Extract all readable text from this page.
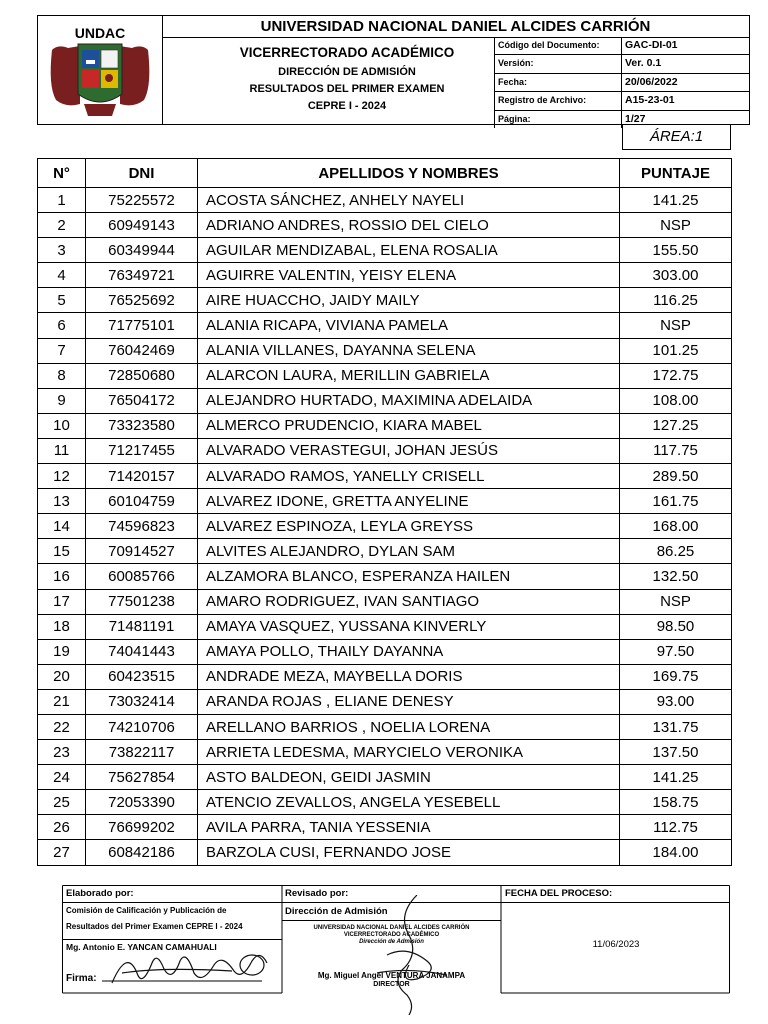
UNDAC	UNIVERSIDAD NACIONAL DANIEL ALCIDES CARRIÓN
VICERRECTORADO ACADÉMICO
DIRECCIÓN DE ADMISIÓN
RESULTADOS DEL PRIMER EXAMEN
CEPRE I - 2024
Código del Documento:	GAC-DI-01
Versión:	Ver. 0.1
Fecha:	20/06/2022
Registro de Archivo:	A15-23-01
Página:	1/27
ÁREA:1
N°	DNI	APELLIDOS Y NOMBRES	PUNTAJE
1	75225572	ACOSTA SÁNCHEZ, ANHELY NAYELI	141.25
2	60949143	ADRIANO ANDRES, ROSSIO DEL CIELO	NSP
3	60349944	AGUILAR MENDIZABAL, ELENA ROSALIA	155.50
4	76349721	AGUIRRE VALENTIN, YEISY ELENA	303.00
5	76525692	AIRE HUACCHO, JAIDY MAILY	116.25
6	71775101	ALANIA RICAPA, VIVIANA PAMELA	NSP
7	76042469	ALANIA VILLANES, DAYANNA SELENA	101.25
8	72850680	ALARCON LAURA, MERILLIN GABRIELA	172.75
9	76504172	ALEJANDRO HURTADO, MAXIMINA ADELAIDA	108.00
10	73323580	ALMERCO PRUDENCIO, KIARA MABEL	127.25
11	71217455	ALVARADO VERASTEGUI, JOHAN JESÚS	117.75
12	71420157	ALVARADO RAMOS, YANELLY CRISELL	289.50
13	60104759	ALVAREZ IDONE, GRETTA ANYELINE	161.75
14	74596823	ALVAREZ ESPINOZA, LEYLA GREYSS	168.00
15	70914527	ALVITES ALEJANDRO, DYLAN SAM	86.25
16	60085766	ALZAMORA BLANCO, ESPERANZA HAILEN	132.50
17	77501238	AMARO RODRIGUEZ, IVAN SANTIAGO	NSP
18	71481191	AMAYA VASQUEZ, YUSSANA KINVERLY	98.50
19	74041443	AMAYA POLLO, THAILY DAYANNA	97.50
20	60423515	ANDRADE MEZA, MAYBELLA DORIS	169.75
21	73032414	ARANDA ROJAS , ELIANE DENESY	93.00
22	74210706	ARELLANO BARRIOS , NOELIA LORENA	131.75
23	73822117	ARRIETA LEDESMA, MARYCIELO VERONIKA	137.50
24	75627854	ASTO BALDEON, GEIDI JASMIN	141.25
25	72053390	ATENCIO ZEVALLOS, ANGELA YESEBELL	158.75
26	76699202	AVILA PARRA, TANIA YESSENIA	112.75
27	60842186	BARZOLA CUSI, FERNANDO JOSE	184.00
Elaborado por:
Comisión de Calificación y Publicación de
Resultados del Primer Examen CEPRE I - 2024
Mg. Antonio E. YANCAN CAMAHUALI
Firma:
Revisado por:
Dirección de Admisión
UNIVERSIDAD NACIONAL DANIEL ALCIDES CARRIÓN
VICERRECTORADO ACADÉMICO
Dirección de Admisión
Mg. Miguel Angel VENTURA JANAMPA
DIRECTOR
FECHA DEL PROCESO:
11/06/2023
